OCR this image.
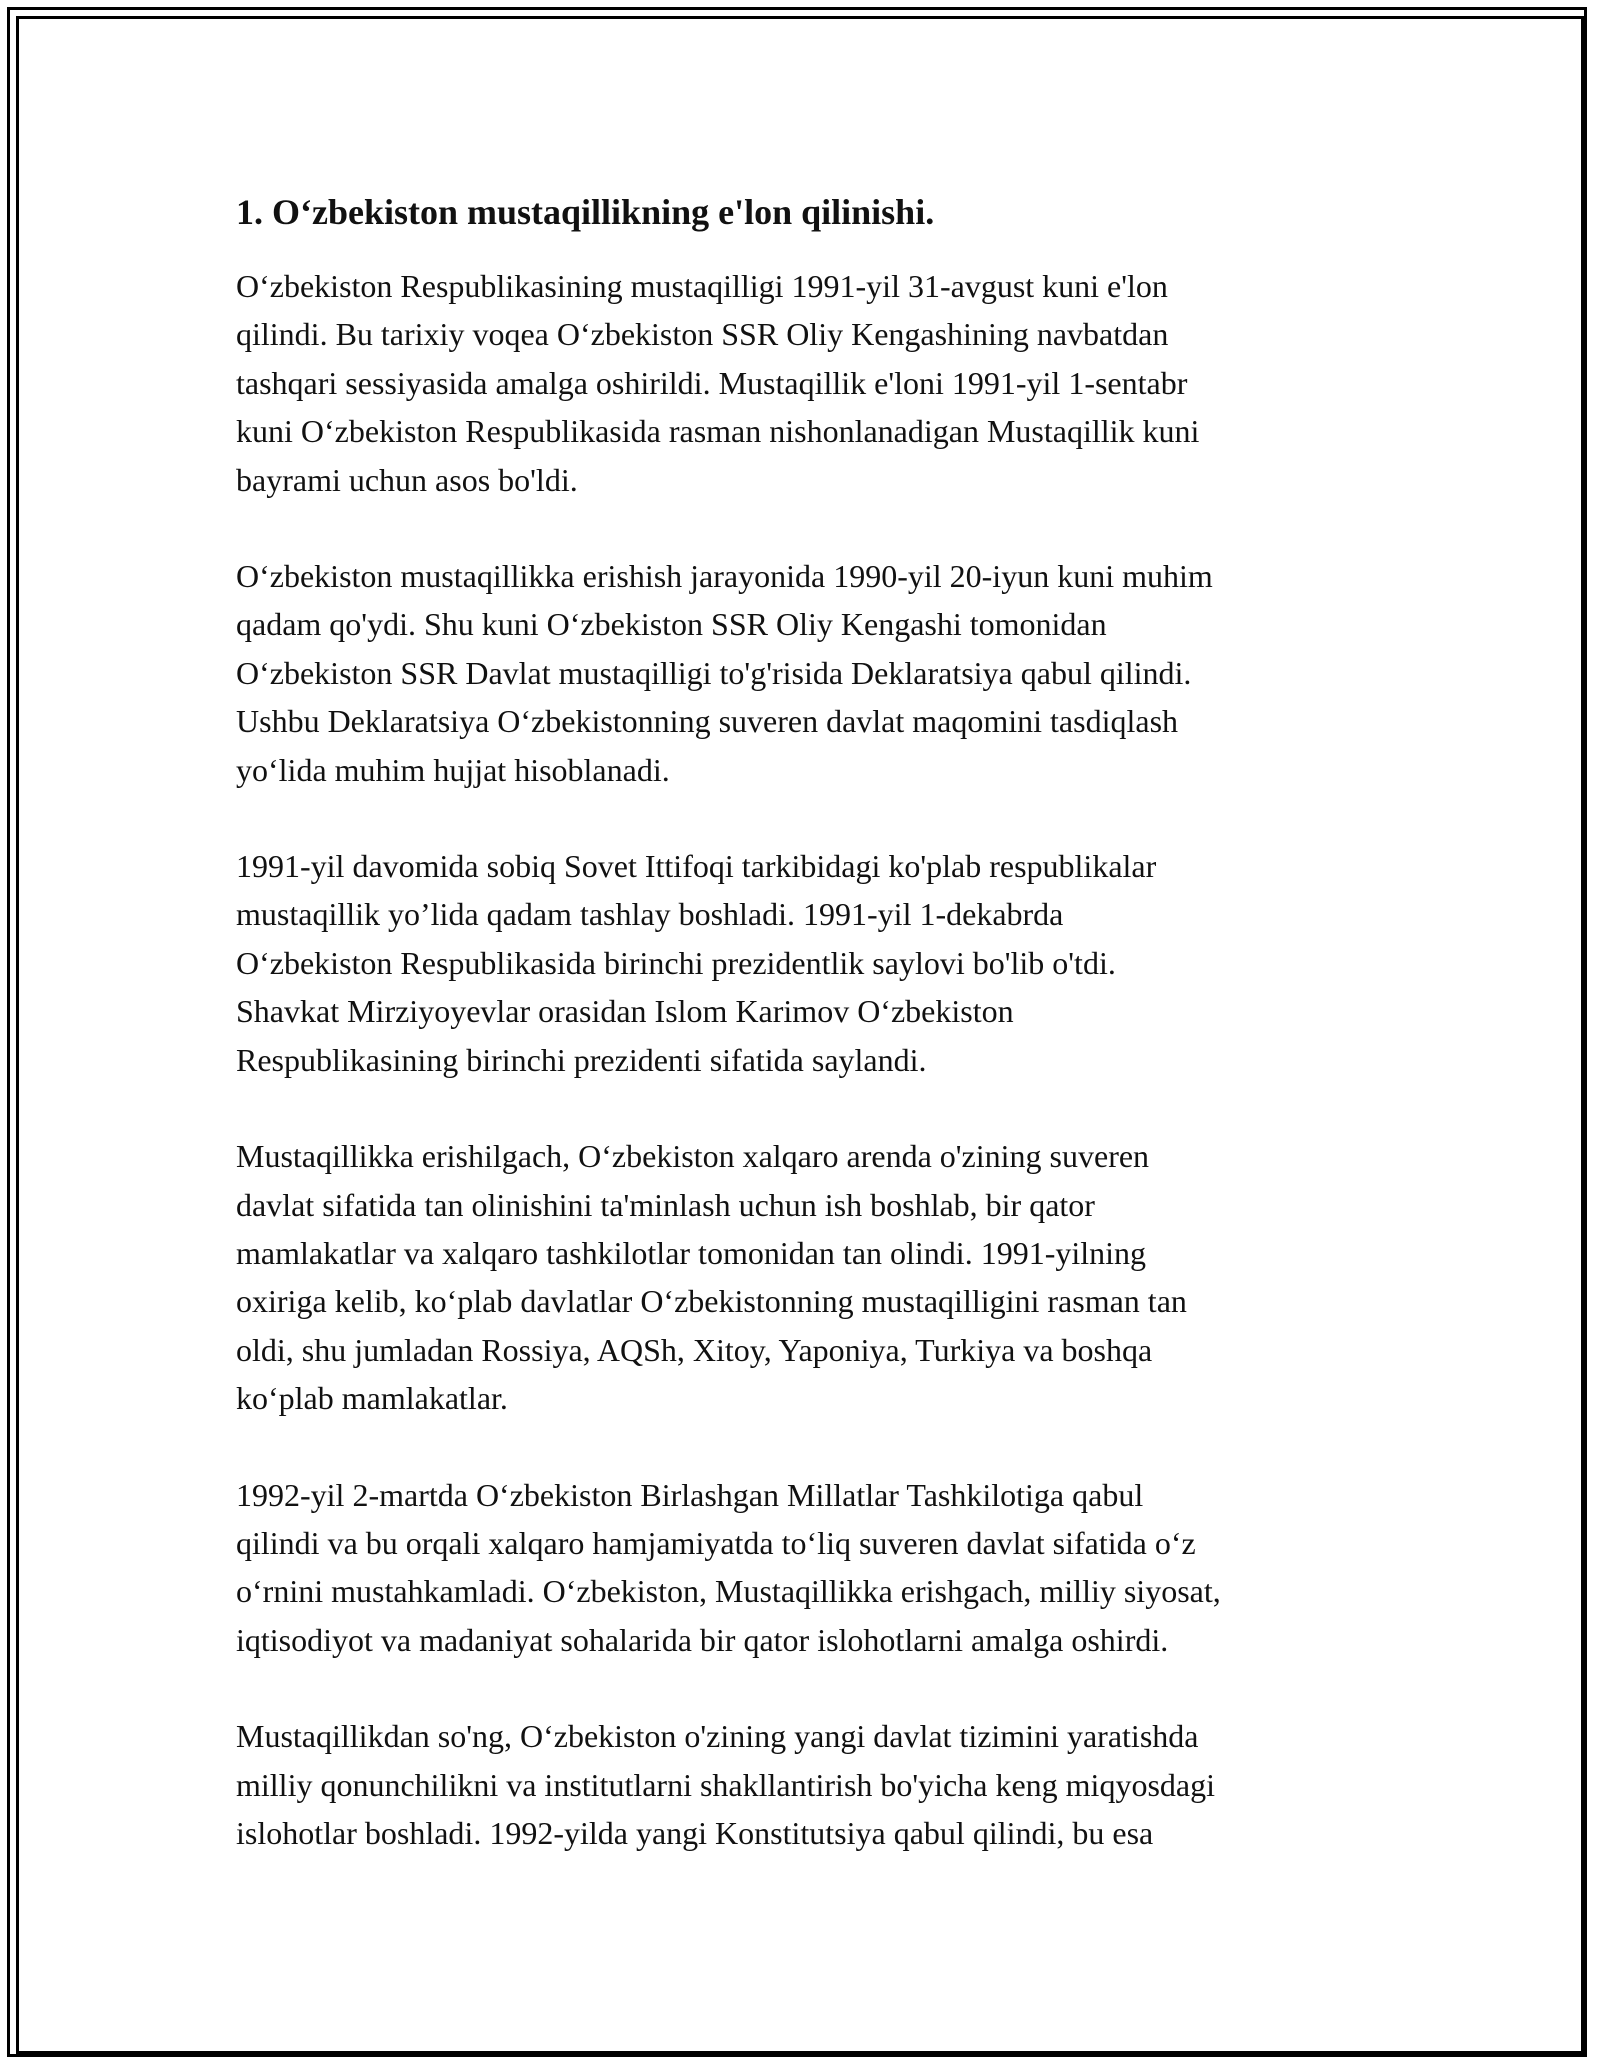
1. O‘zbekiston mustaqillikning e'lon qilinishi.

O‘zbekiston Respublikasining mustaqilligi 1991-yil 31-avgust kuni e'lon
qilindi. Bu tarixiy voqea O‘zbekiston SSR Oliy Kengashining navbatdan
tashqari sessiyasida amalga oshirildi. Mustaqillik e'loni 1991-yil 1-sentabr
kuni O‘zbekiston Respublikasida rasman nishonlanadigan Mustaqillik kuni
bayrami uchun asos bo'ldi.

O‘zbekiston mustaqillikka erishish jarayonida 1990-yil 20-iyun kuni muhim
qadam qo'ydi. Shu kuni O‘zbekiston SSR Oliy Kengashi tomonidan
O‘zbekiston SSR Davlat mustaqilligi to'g'risida Deklaratsiya qabul qilindi.
Ushbu Deklaratsiya O‘zbekistonning suveren davlat maqomini tasdiqlash
yo‘lida muhim hujjat hisoblanadi.

1991-yil davomida sobiq Sovet Ittifoqi tarkibidagi ko'plab respublikalar
mustaqillik yo’lida qadam tashlay boshladi. 1991-yil 1-dekabrda
O‘zbekiston Respublikasida birinchi prezidentlik saylovi bo'lib o'tdi.
Shavkat Mirziyoyevlar orasidan Islom Karimov O‘zbekiston
Respublikasining birinchi prezidenti sifatida saylandi.

Mustaqillikka erishilgach, O‘zbekiston xalqaro arenda o'zining suveren
davlat sifatida tan olinishini ta'minlash uchun ish boshlab, bir qator
mamlakatlar va xalqaro tashkilotlar tomonidan tan olindi. 1991-yilning
oxiriga kelib, ko‘plab davlatlar O‘zbekistonning mustaqilligini rasman tan
oldi, shu jumladan Rossiya, AQSh, Xitoy, Yaponiya, Turkiya va boshqa
ko‘plab mamlakatlar.

1992-yil 2-martda O‘zbekiston Birlashgan Millatlar Tashkilotiga qabul
qilindi va bu orqali xalqaro hamjamiyatda to‘liq suveren davlat sifatida o‘z
o‘rnini mustahkamladi. O‘zbekiston, Mustaqillikka erishgach, milliy siyosat,
iqtisodiyot va madaniyat sohalarida bir qator islohotlarni amalga oshirdi.

Mustaqillikdan so'ng, O‘zbekiston o'zining yangi davlat tizimini yaratishda
milliy qonunchilikni va institutlarni shakllantirish bo'yicha keng miqyosdagi
islohotlar boshladi. 1992-yilda yangi Konstitutsiya qabul qilindi, bu esa
